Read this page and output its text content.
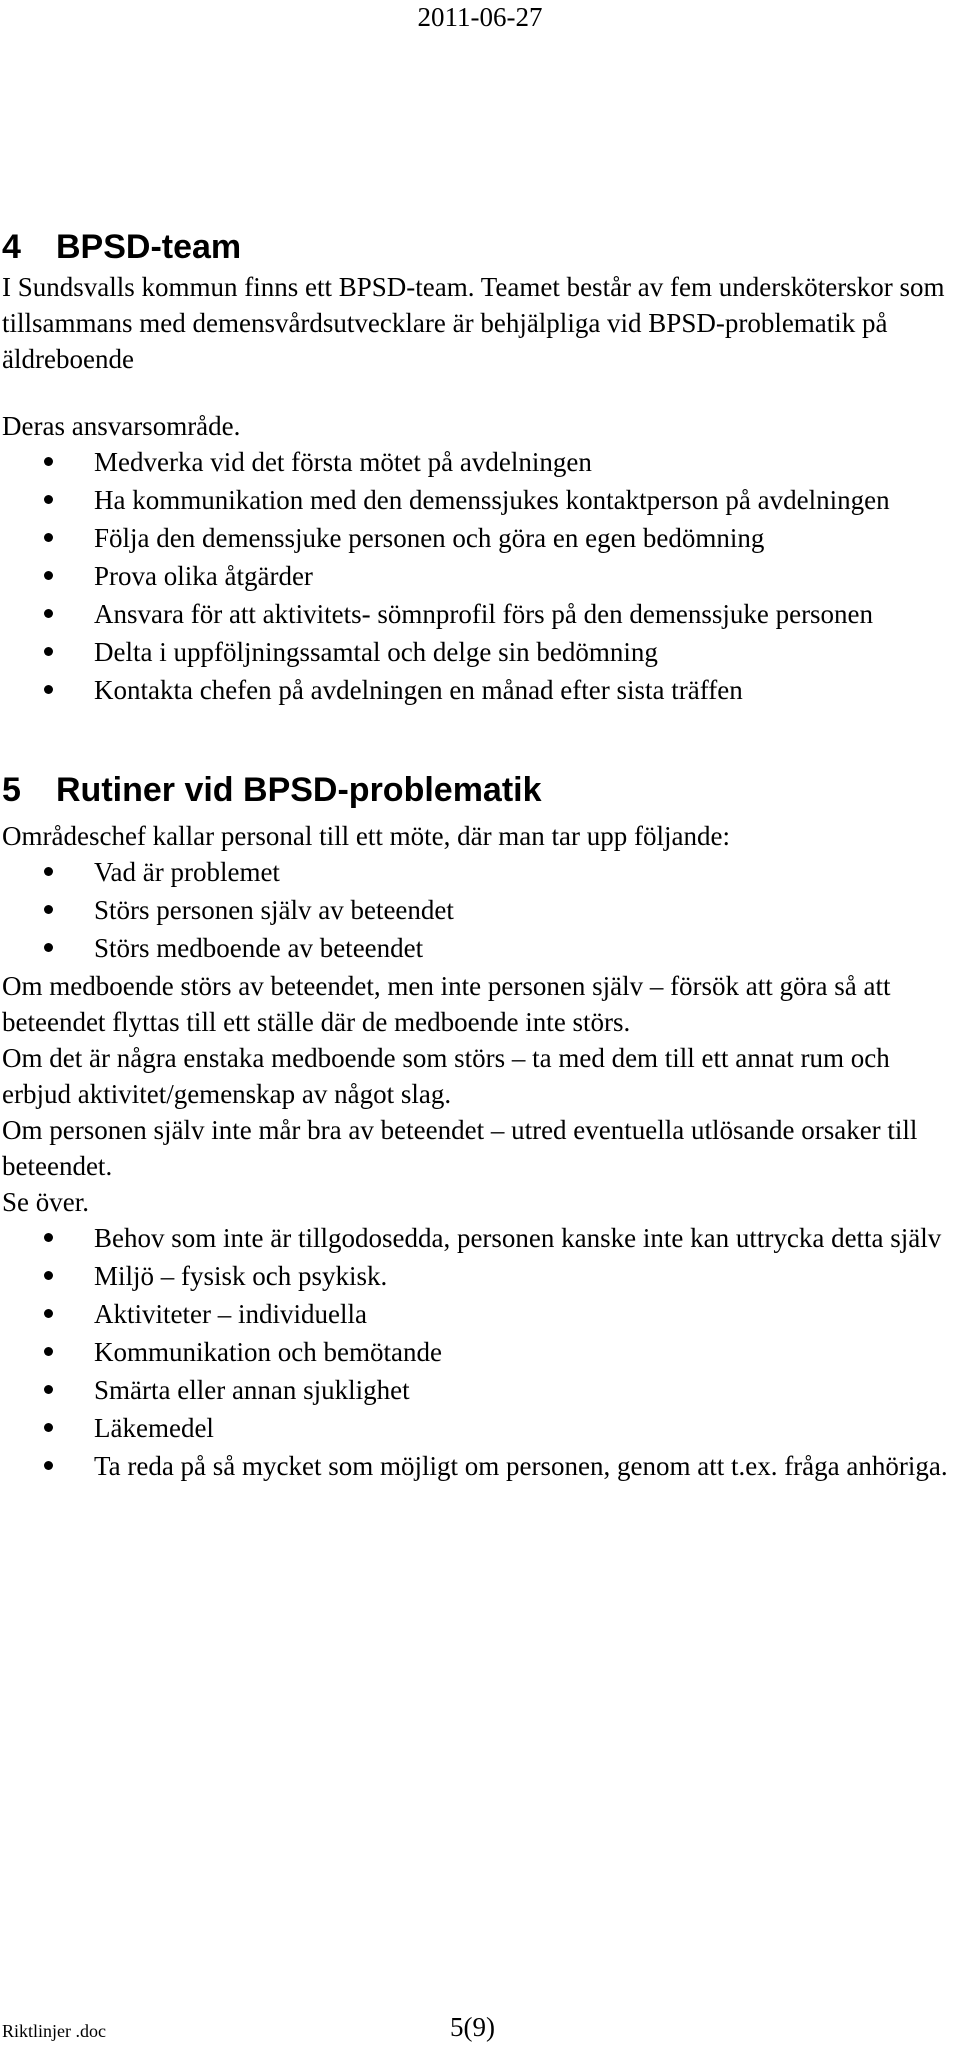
2011-06-27
4 BPSD-team

I Sundsvalls kommun finns ett BPSD-team. Teamet består av fem undersköterskor som tillsammans med demensvårdsutvecklare är behjälpliga vid BPSD-problematik på äldreboende

Deras ansvarsområde.

Medverka vid det första mötet på avdelningen
Ha kommunikation med den demenssjukes kontaktperson på avdelningen
Följa den demenssjuke personen och göra en egen bedömning
Prova olika åtgärder
Ansvara för att aktivitets- sömnprofil förs på den demenssjuke personen
Delta i uppföljningssamtal och delge sin bedömning
Kontakta chefen på avdelningen en månad efter sista träffen
5 Rutiner vid BPSD-problematik

Områdeschef kallar personal till ett möte, där man tar upp följande:

Vad är problemet
Störs personen själv av beteendet
Störs medboende av beteendet

Om medboende störs av beteendet, men inte personen själv – försök att göra så att beteendet flyttas till ett ställe där de medboende inte störs.

Om det är några enstaka medboende som störs – ta med dem till ett annat rum och erbjud aktivitet/gemenskap av något slag.

Om personen själv inte mår bra av beteendet – utred eventuella utlösande orsaker till beteendet.

Se över.

Behov som inte är tillgodosedda, personen kanske inte kan uttrycka detta själv
Miljö – fysisk och psykisk.
Aktiviteter – individuella
Kommunikation och bemötande
Smärta eller annan sjuklighet
Läkemedel
Ta reda på så mycket som möjligt om personen, genom att t.ex. fråga anhöriga.
Riktlinjer .doc	5(9)
